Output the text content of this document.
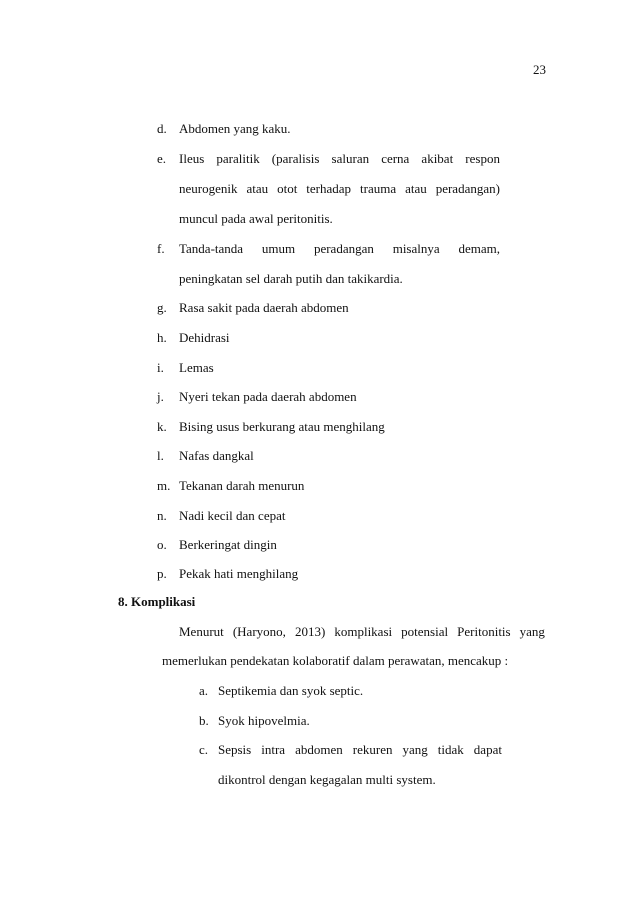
23
d. Abdomen yang kaku.
e. Ileus paralitik (paralisis saluran cerna akibat respon
neurogenik atau otot terhadap trauma atau peradangan)
muncul pada awal peritonitis.
f. Tanda-tanda umum peradangan misalnya demam,
peningkatan sel darah putih dan takikardia.
g. Rasa sakit pada daerah abdomen
h. Dehidrasi
i. Lemas
j. Nyeri tekan pada daerah abdomen
k. Bising usus berkurang atau menghilang
l. Nafas dangkal
m. Tekanan darah menurun
n. Nadi kecil dan cepat
o. Berkeringat dingin
p. Pekak hati menghilang
8. Komplikasi
Menurut (Haryono, 2013) komplikasi potensial Peritonitis yang
memerlukan pendekatan kolaboratif dalam perawatan, mencakup :
a. Septikemia dan syok septic.
b. Syok hipovelmia.
c. Sepsis intra abdomen rekuren yang tidak dapat
dikontrol dengan kegagalan multi system.
